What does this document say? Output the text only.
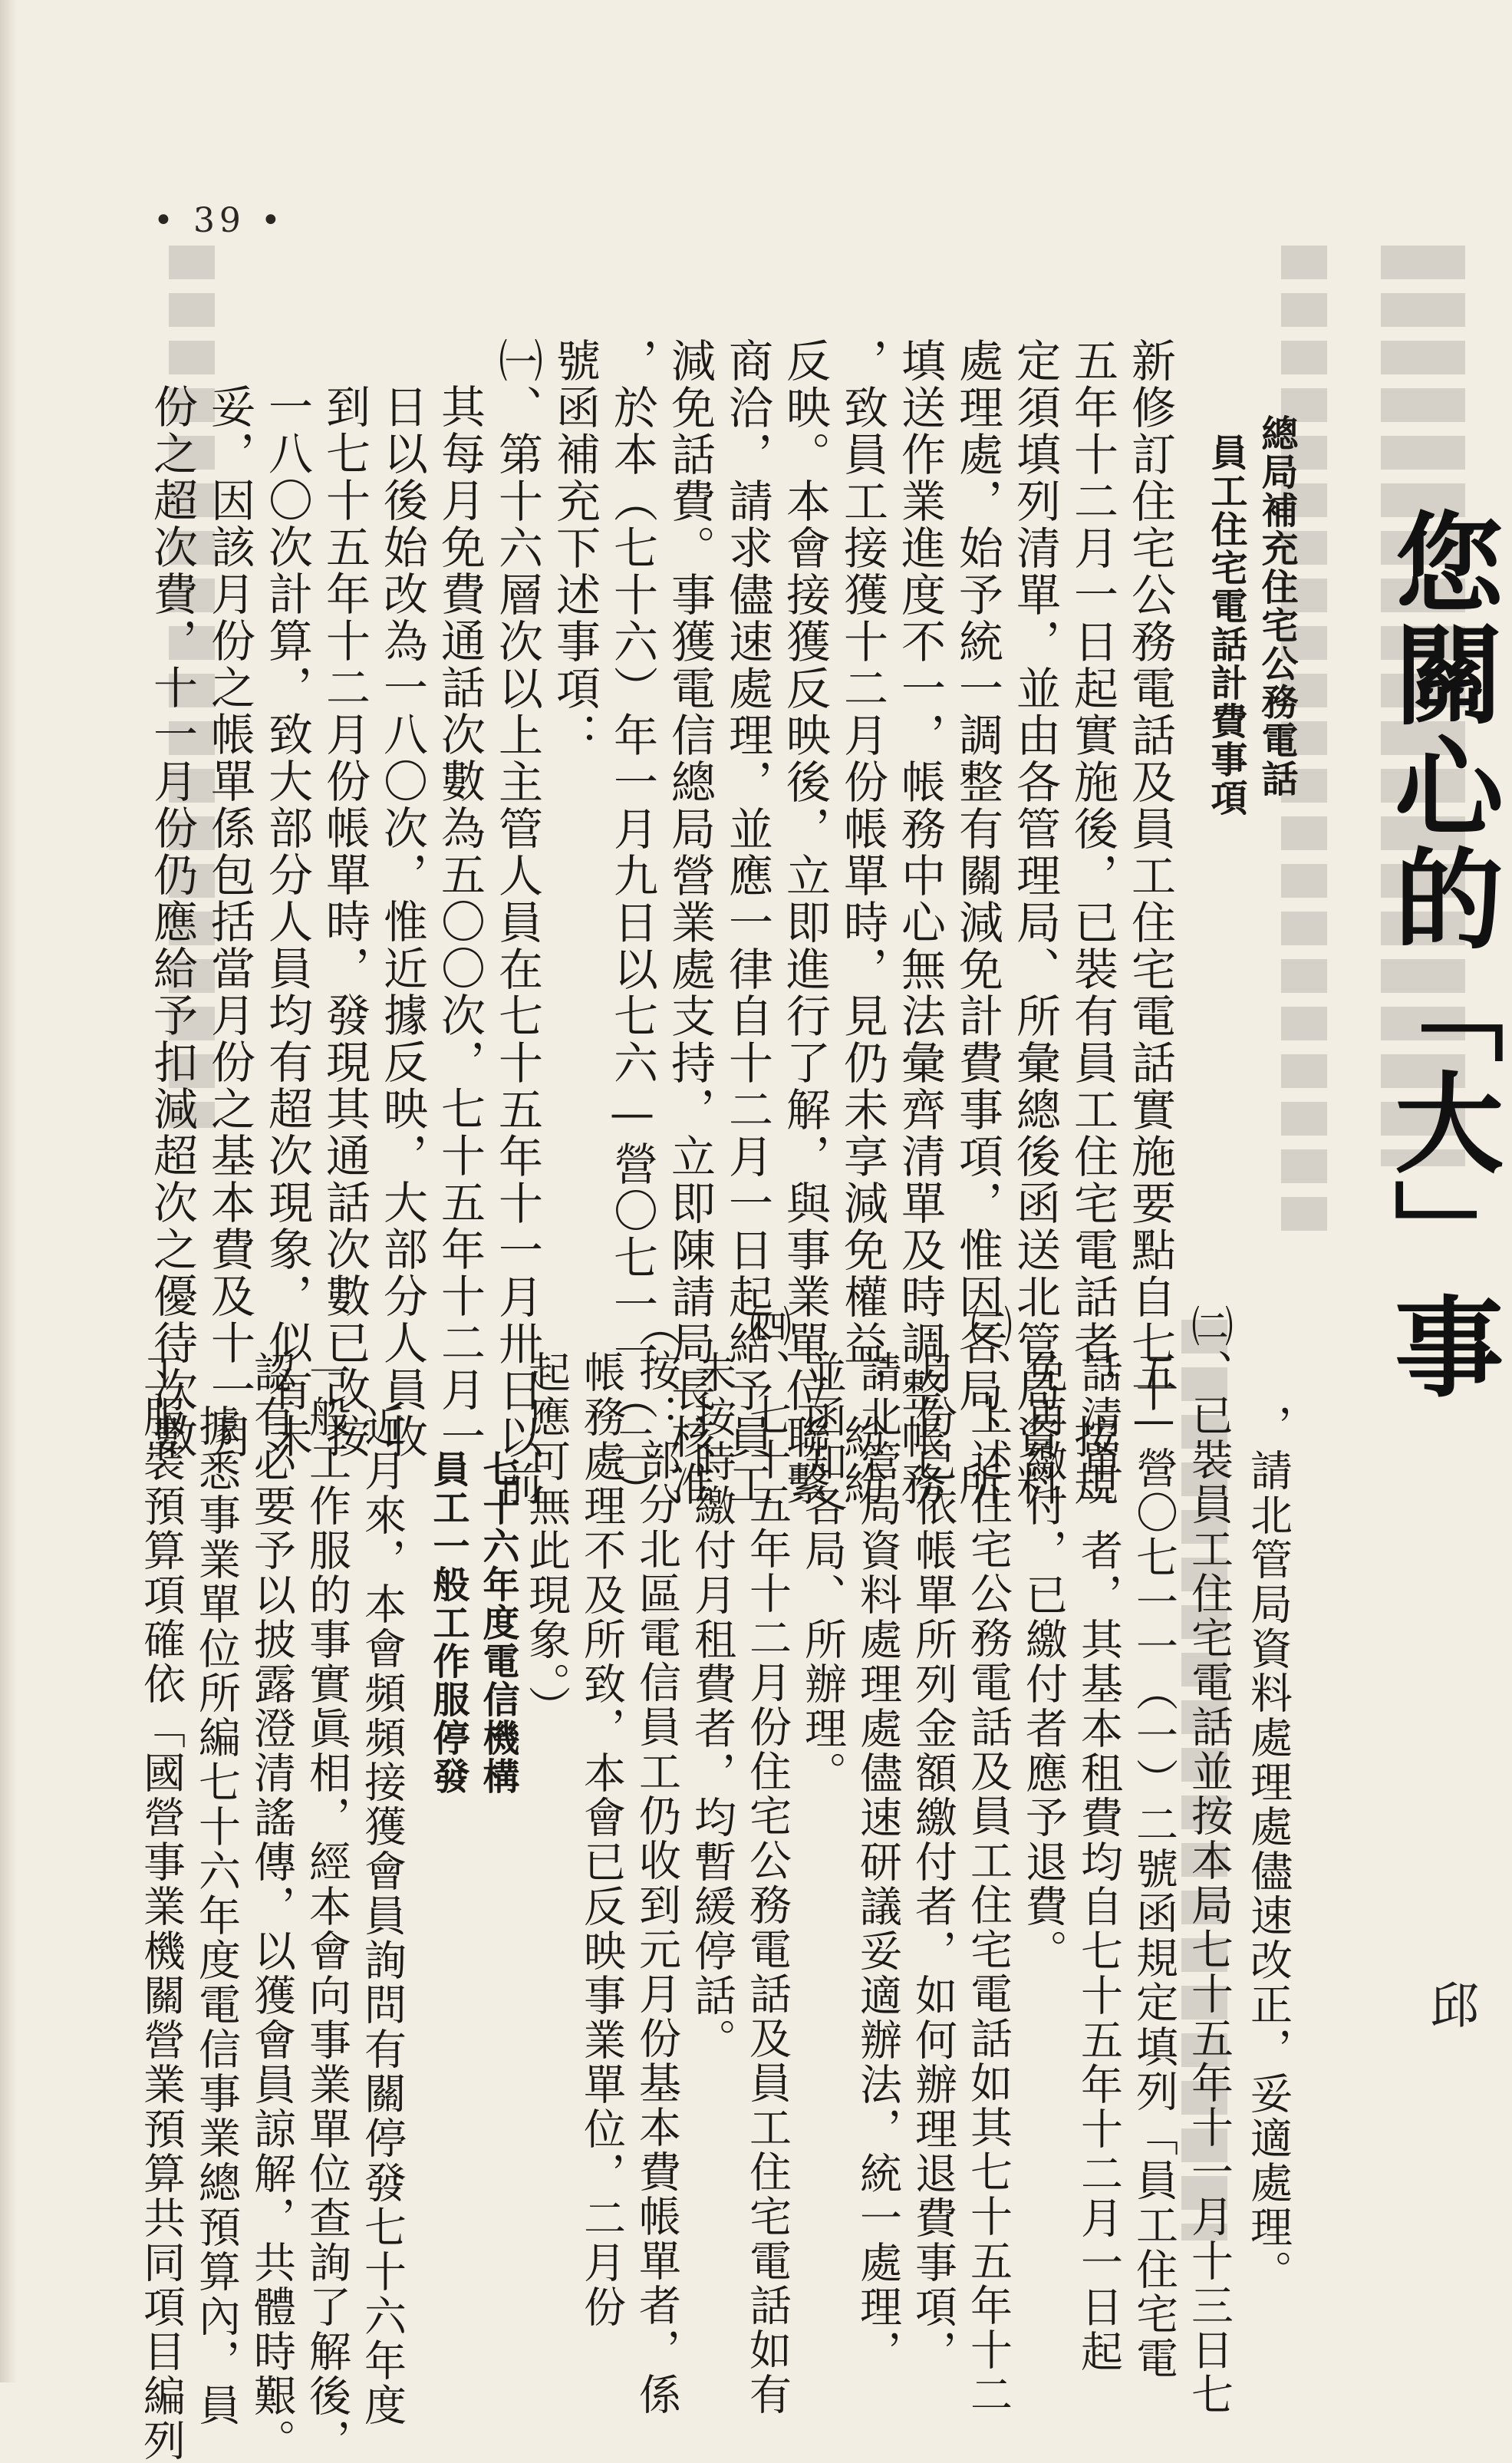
• 39 •
您關心的「大」事
邱
總局補充住宅公務電話
員工住宅電話計費事項
新修訂住宅公務電話及員工住宅電話實施要點自七十
五年十二月一日起實施後，已裝有員工住宅電話者，按規
定須填列清單，並由各管理局、所彙總後函送北管局資料
處理處，始予統一調整有關減免計費事項，惟因各局、所
填送作業進度不一，帳務中心無法彙齊清單及時調整帳務
，致員工接獲十二月份帳單時，見仍未享減免權益，紛紛
反映。本會接獲反映後，立即進行了解，與事業單位聯繫
商洽，請求儘速處理，並應一律自十二月一日起給予員工
減免話費。事獲電信總局營業處支持，立即陳請局長核准
，於本（七十六）年一月九日以七六—營〇七一一（二）
號函補充下述事項：
㈠、第十六層次以上主管人員在七十五年十一月卅日以前
其每月免費通話次數為五〇〇次，七十五年十二月一
日以後始改為一八〇次，惟近據反映，大部分人員收
到七十五年十二月份帳單時，發現其通話次數已改按
一八〇次計算，致大部分人員均有超次現象，似有未
妥，因該月份之帳單係包括當月份之基本費及十一月
份之超次費，十一月份仍應給予扣減超次之優待次數
，請北管局資料處理處儘速改正，妥適處理。
㈡、已裝員工住宅電話並按本局七十五年十一月十三日七
五—營〇七一一（一）二號函規定填列「員工住宅電
話清單」者，其基本租費均自七十五年十二月一日起
免再繳付，已繳付者應予退費。
㈢、上述住宅公務電話及員工住宅電話如其七十五年十二
月份已依帳單所列金額繳付者，如何辦理退費事項，
請北管局資料處理處儘速研議妥適辦法，統一處理，
並函知各局、所辦理。
㈣、七十五年十二月份住宅公務電話及員工住宅電話如有
未按時繳付月租費者，均暫緩停話。
（按：部分北區電信員工仍收到元月份基本費帳單者，係
帳務處理不及所致，本會已反映事業單位，二月份
起應可無此現象。）
七十六年度電信機構
員工一般工作服停發
近月來，本會頻頻接獲會員詢問有關停發七十六年度
一般工作服的事實眞相，經本會向事業單位查詢了解後，
認有必要予以披露澄清謠傳，以獲會員諒解，共體時艱。
據悉事業單位所編七十六年度電信事業總預算內，員
工服裝預算項確依「國營事業機關營業預算共同項目編列
